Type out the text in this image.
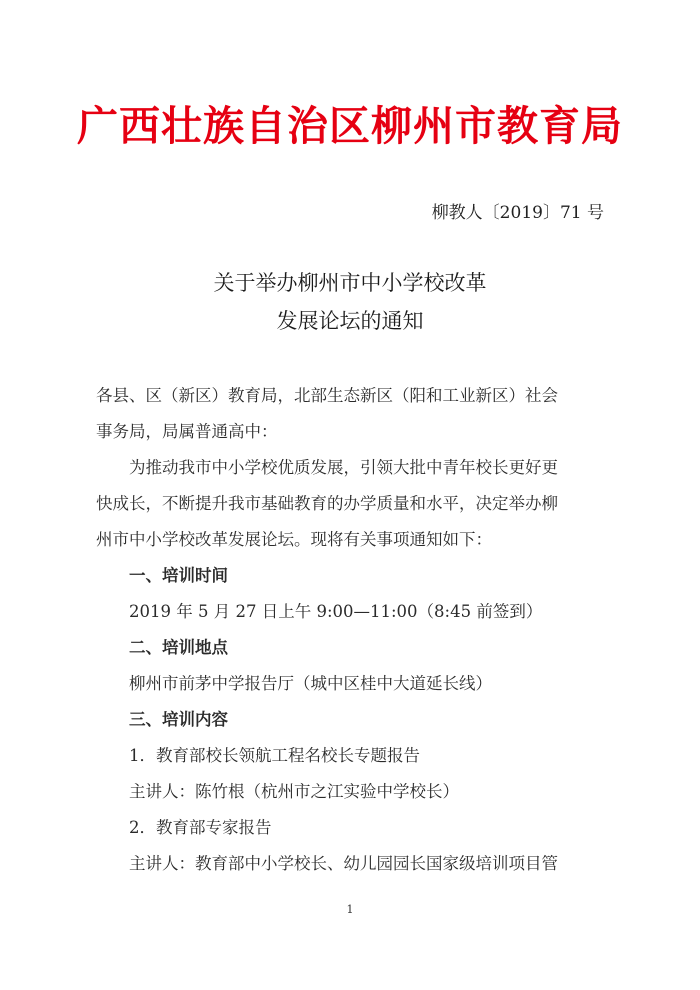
广西壮族自治区柳州市教育局
柳教人〔2019〕71 号
关于举办柳州市中小学校改革
发展论坛的通知

各县、区（新区）教育局，北部生态新区（阳和工业新区）社会

事务局，局属普通高中：

为推动我市中小学校优质发展，引领大批中青年校长更好更

快成长，不断提升我市基础教育的办学质量和水平，决定举办柳

州市中小学校改革发展论坛。现将有关事项通知如下：

一、培训时间

2019 年 5 月 27 日上午 9:00—11:00（8:45 前签到）

二、培训地点

柳州市前茅中学报告厅（城中区桂中大道延长线）

三、培训内容

1．教育部校长领航工程名校长专题报告

主讲人：陈竹根（杭州市之江实验中学校长）

2．教育部专家报告

主讲人：教育部中小学校长、幼儿园园长国家级培训项目管

1
